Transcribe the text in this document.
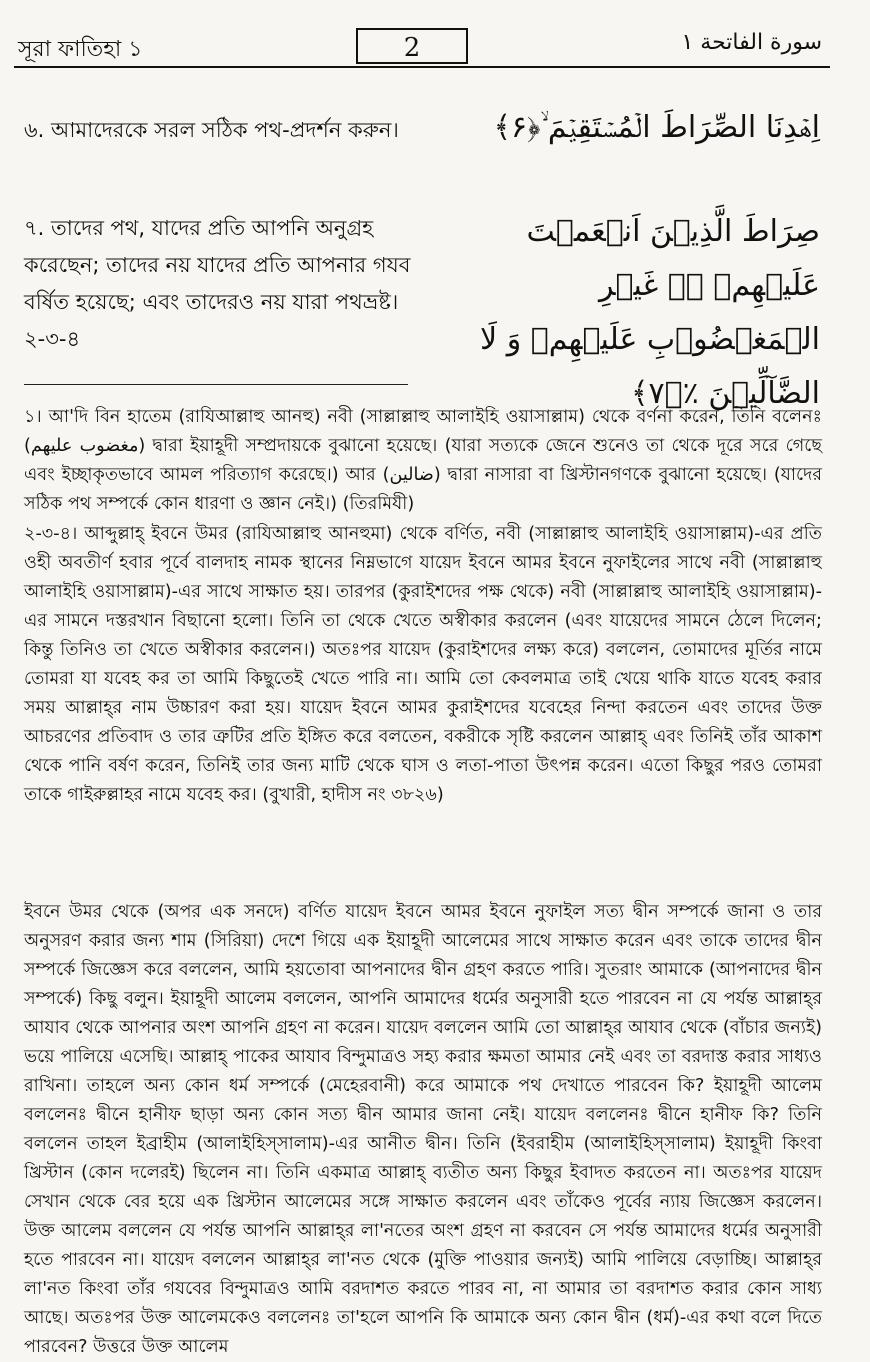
সূরা ফাতিহা ১	2	سورة الفاتحة ١
اِهۡدِنَا الصِّرَاطَ الۡمُسۡتَقِیۡمَ ۙ﴿۶﴾
৬. আমাদেরকে সরল সঠিক পথ-প্রদর্শন করুন।
صِرَاطَ الَّذِیۡنَ اَنۡعَمۡتَ عَلَیۡهِمۡ ۬ۙ غَیۡرِ الۡمَغۡضُوۡبِ عَلَیۡهِمۡ وَ لَا الضَّآلِّیۡنَ ٪﴿۷﴾
৭. তাদের পথ, যাদের প্রতি আপনি অনুগ্রহ করেছেন; তাদের নয় যাদের প্রতি আপনার গযব বর্ষিত হয়েছে; এবং তাদেরও নয় যারা পথভ্রষ্ট।২-৩-৪
১। আ'দি বিন হাতেম (রাযিআল্লাহু আনহু) নবী (সাল্লাল্লাহু আলাইহি ওয়াসাল্লাম) থেকে বর্ণনা করেন, তিনি বলেনঃ (مغضوب عليهم) দ্বারা ইয়াহূদী সম্প্রদায়কে বুঝানো হয়েছে। (যারা সত্যকে জেনে শুনেও তা থেকে দূরে সরে গেছে এবং ইচ্ছাকৃতভাবে আমল পরিত্যাগ করেছে।) আর (ضالين) দ্বারা নাসারা বা খ্রিস্টানগণকে বুঝানো হয়েছে। (যাদের সঠিক পথ সম্পর্কে কোন ধারণা ও জ্ঞান নেই।) (তিরমিযী)
২-৩-৪। আব্দুল্লাহ্‌ ইবনে উমর (রাযিআল্লাহু আনহুমা) থেকে বর্ণিত, নবী (সাল্লাল্লাহু আলাইহি ওয়াসাল্লাম)-এর প্রতি ওহী অবতীর্ণ হবার পূর্বে বালদাহ নামক স্থানের নিম্নভাগে যায়েদ ইবনে আমর ইবনে নুফাইলের সাথে নবী (সাল্লাল্লাহু আলাইহি ওয়াসাল্লাম)-এর সাথে সাক্ষাত হয়। তারপর (কুরাইশদের পক্ষ থেকে) নবী (সাল্লাল্লাহু আলাইহি ওয়াসাল্লাম)-এর সামনে দস্তরখান বিছানো হলো। তিনি তা থেকে খেতে অস্বীকার করলেন (এবং যায়েদের সামনে ঠেলে দিলেন; কিন্তু তিনিও তা খেতে অস্বীকার করলেন।) অতঃপর যায়েদ (কুরাইশদের লক্ষ্য করে) বললেন, তোমাদের মূর্তির নামে তোমরা যা যবেহ কর তা আমি কিছুতেই খেতে পারি না। আমি তো কেবলমাত্র তাই খেয়ে থাকি যাতে যবেহ করার সময় আল্লাহ্‌র নাম উচ্চারণ করা হয়। যায়েদ ইবনে আমর কুরাইশদের যবেহের নিন্দা করতেন এবং তাদের উক্ত আচরণের প্রতিবাদ ও তার ত্রুটির প্রতি ইঙ্গিত করে বলতেন, বকরীকে সৃষ্টি করলেন আল্লাহ্‌ এবং তিনিই তাঁর আকাশ থেকে পানি বর্ষণ করেন, তিনিই তার জন্য মাটি থেকে ঘাস ও লতা-পাতা উৎপন্ন করেন। এতো কিছুর পরও তোমরা তাকে গাইরুল্লাহর নামে যবেহ কর। (বুখারী, হাদীস নং ৩৮২৬)
ইবনে উমর থেকে (অপর এক সনদে) বর্ণিত যায়েদ ইবনে আমর ইবনে নুফাইল সত্য দ্বীন সম্পর্কে জানা ও তার অনুসরণ করার জন্য শাম (সিরিয়া) দেশে গিয়ে এক ইয়াহূদী আলেমের সাথে সাক্ষাত করেন এবং তাকে তাদের দ্বীন সম্পর্কে জিজ্ঞেস করে বললেন, আমি হয়তোবা আপনাদের দ্বীন গ্রহণ করতে পারি। সুতরাং আমাকে (আপনাদের দ্বীন সম্পর্কে) কিছু বলুন। ইয়াহূদী আলেম বললেন, আপনি আমাদের ধর্মের অনুসারী হতে পারবেন না যে পর্যন্ত আল্লাহ্‌র আযাব থেকে আপনার অংশ আপনি গ্রহণ না করেন। যায়েদ বললেন আমি তো আল্লাহ্‌র আযাব থেকে (বাঁচার জন্যই) ভয়ে পালিয়ে এসেছি। আল্লাহ্‌ পাকের আযাব বিন্দুমাত্রও সহ্য করার ক্ষমতা আমার নেই এবং তা বরদাস্ত করার সাধ্যও রাখিনা। তাহলে অন্য কোন ধর্ম সম্পর্কে (মেহেরবানী) করে আমাকে পথ দেখাতে পারবেন কি? ইয়াহূদী আলেম বললেনঃ দ্বীনে হানীফ ছাড়া অন্য কোন সত্য দ্বীন আমার জানা নেই। যায়েদ বললেনঃ দ্বীনে হানীফ কি? তিনি বললেন তাহল ইব্রাহীম (আলাইহিস্সালাম)-এর আনীত দ্বীন। তিনি (ইবরাহীম (আলাইহিস্সালাম) ইয়াহূদী কিংবা খ্রিস্টান (কোন দলেরই) ছিলেন না। তিনি একমাত্র আল্লাহ্‌ ব্যতীত অন্য কিছুর ইবাদত করতেন না। অতঃপর যায়েদ সেখান থেকে বের হয়ে এক খ্রিস্টান আলেমের সঙ্গে সাক্ষাত করলেন এবং তাঁকেও পূর্বের ন্যায় জিজ্ঞেস করলেন। উক্ত আলেম বললেন যে পর্যন্ত আপনি আল্লাহ্‌র লা'নতের অংশ গ্রহণ না করবেন সে পর্যন্ত আমাদের ধর্মের অনুসারী হতে পারবেন না। যায়েদ বললেন আল্লাহ্‌র লা'নত থেকে (মুক্তি পাওয়ার জন্যই) আমি পালিয়ে বেড়াচ্ছি। আল্লাহ্‌র লা'নত কিংবা তাঁর গযবের বিন্দুমাত্রও আমি বরদাশত করতে পারব না, না আমার তা বরদাশত করার কোন সাধ্য আছে। অতঃপর উক্ত আলেমকেও বললেনঃ তা'হলে আপনি কি আমাকে অন্য কোন দ্বীন (ধর্ম)-এর কথা বলে দিতে পারবেন? উত্তরে উক্ত আলেম
